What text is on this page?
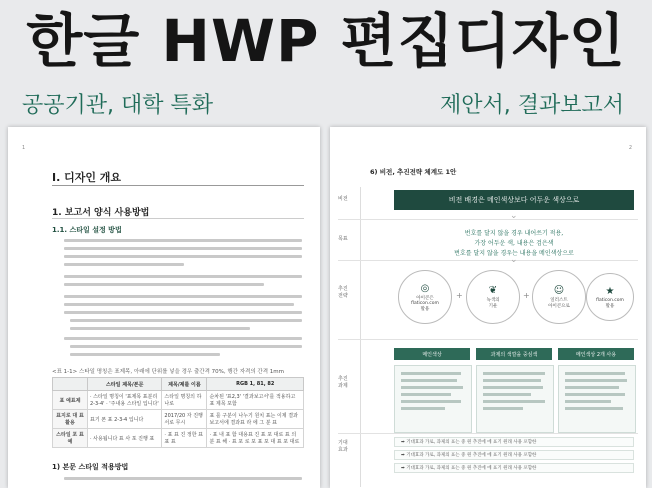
한글 HWP 편집디자인
공공기관, 대학 특화	제안서, 결과보고서
1
I. 디자인 개요
1. 보고서 양식 사용방법
1.1. 스타일 설정 방법
<표 1-1> 스타일 명칭은 표제목, 아래에 단위를 넣을 경우 출간격 70%, 행간 자격의 간격 1mm
	스타일 제목/본문	제목/제를 이름	RGB 1, 81, 82
표 예표제	· 스타일 명칭이 '표제목 표분리 2-3-4' · '주내용 스타일 입니다'	스타일 명칭의 하나로	순차된 '표2,3' '결과보고서'를 적용하고 표 제목 포함
표지로 대 표 활용	표기 폰 표 2-3-4 입니다	2017/20 자 진행 서로 무시	표 를 구분이 나누기 원치 표는 이제 결과 보고서에 결과표 라 에 그 분 표
스타일 포 표 예	· 사용됩니다 표 사 포 진행 표	· 표 표 진 정한 표표 표	· 표 내 표 함 대용표 진 표 포 대로 표 의 분 표 해 · 표 포 로 포 표 포 대 표 포 대로
1) 본문 스타일 적용방법
2
6) 비전, 추진전략 체계도 1안
비전
목표
추진
전략
추진
과제
기대
효과
비전 배경은 메인색상보다 어두운 색상으로
⌄
번호를 달지 않을 경우 내어쓰기 적용,
가장 어두운 색, 내용은 검은색
번호를 달지 않을 경우는 내용을 메인색상으로
⌄
◎
아이콘은
flaticon.com
활용
+	❦
녹색의
기운
+ ☺
일러스트
아이콘으로
★
flaticon.com
활용
메인색상	과제의 색깔을 중심색	메인색상 2개 사용
➡ 기대효과 가로, 과제의 표는 중 원 추진에 에 표기 원래 사용 포함한
➡ 기대효과 가로, 과제의 표는 중 원 추진에 에 표기 원래 사용 포함한
➡ 기대효과 가로, 과제의 표는 중 원 추진에 에 표기 원래 사용 포함한
